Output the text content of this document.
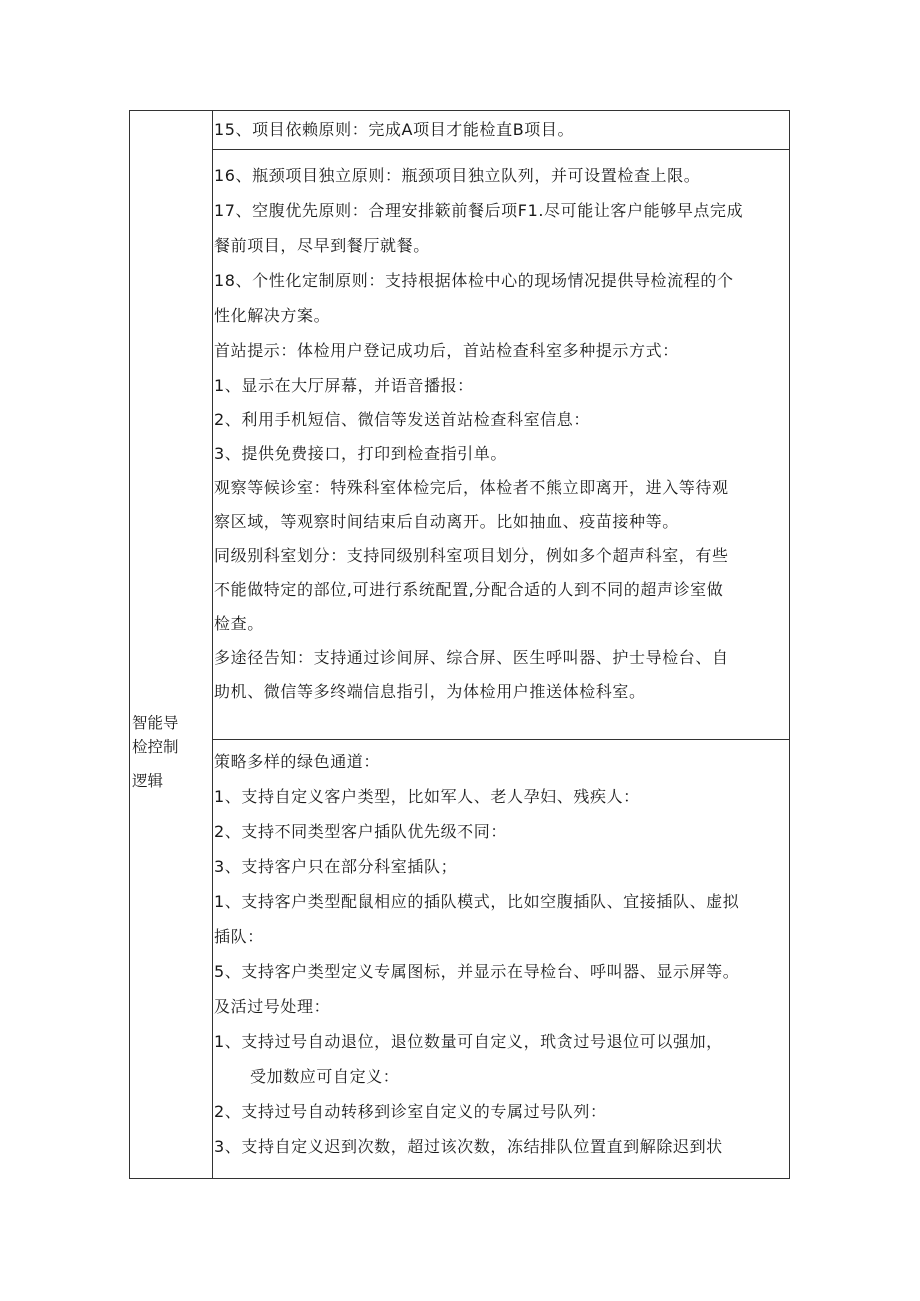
智能导
检控制
逻辑
15、项目依赖原则：完成A项目才能检直B项目。
16、瓶颈项目独立原则：瓶颈项目独立队列，并可设置检查上限。
17、空腹优先原则：合理安排簌前餐后项F1.尽可能让客户能够早点完成
餐前项目，尽早到餐厅就餐。
18、个性化定制原则：支持根据体检中心的现场情况提供导检流程的个
性化解决方案。
首站提示：体检用户登记成功后，首站检查科室多种提示方式：
1、显示在大厅屏幕，并语音播报：
2、利用手机短信、微信等发送首站检查科室信息：
3、提供免费接口，打印到检查指引单。
观察等候诊室：特殊科室体检完后，体检者不熊立即离开，进入等待观
察区域，等观察时间结束后自动离开。比如抽血、疫苗接种等。
同级别科室划分：支持同级别科室项目划分，例如多个超声科室，有些
不能做特定的部位,可进行系统配置,分配合适的人到不同的超声诊室做
检查。
多途径告知：支持通过诊间屏、综合屏、医生呼叫器、护士导检台、自
助机、微信等多终端信息指引，为体检用户推送体检科室。
策略多样的绿色通道：
1、支持自定义客户类型，比如军人、老人孕妇、残疾人：
2、支持不同类型客户插队优先级不同：
3、支持客户只在部分科室插队；
1、支持客户类型配鼠相应的插队模式，比如空腹插队、宜接插队、虚拟
插队：
5、支持客户类型定义专属图标，并显示在导检台、呼叫器、显示屏等。
及活过号处理：
1、支持过号自动退位，退位数量可自定义，玳贪过号退位可以强加，
受加数应可自定义：
2、支持过号自动转移到诊室自定义的专属过号队列：
3、支持自定义迟到次数，超过该次数，冻结排队位置直到解除迟到状
